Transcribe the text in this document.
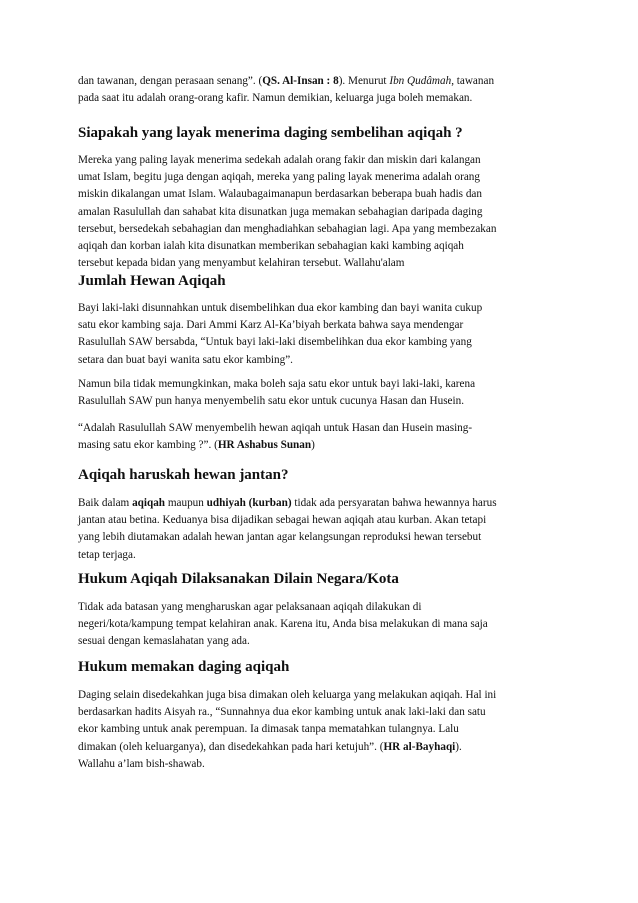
dan tawanan, dengan perasaan senang”. (QS. Al-Insan : 8). Menurut Ibn Qudâmah, tawanan
pada saat itu adalah orang-orang kafir. Namun demikian, keluarga juga boleh memakan.

Siapakah yang layak menerima daging sembelihan aqiqah ?

Mereka yang paling layak menerima sedekah adalah orang fakir dan miskin dari kalangan
umat Islam, begitu juga dengan aqiqah, mereka yang paling layak menerima adalah orang
miskin dikalangan umat Islam. Walaubagaimanapun berdasarkan beberapa buah hadis dan
amalan Rasulullah dan sahabat kita disunatkan juga memakan sebahagian daripada daging
tersebut, bersedekah sebahagian dan menghadiahkan sebahagian lagi. Apa yang membezakan
aqiqah dan korban ialah kita disunatkan memberikan sebahagian kaki kambing aqiqah
tersebut kepada bidan yang menyambut kelahiran tersebut. Wallahu'alam

Jumlah Hewan Aqiqah

Bayi laki-laki disunnahkan untuk disembelihkan dua ekor kambing dan bayi wanita cukup
satu ekor kambing saja. Dari Ammi Karz Al-Ka’biyah berkata bahwa saya mendengar
Rasulullah SAW bersabda, “Untuk bayi laki-laki disembelihkan dua ekor kambing yang
setara dan buat bayi wanita satu ekor kambing”.

Namun bila tidak memungkinkan, maka boleh saja satu ekor untuk bayi laki-laki, karena
Rasulullah SAW pun hanya menyembelih satu ekor untuk cucunya Hasan dan Husein.

“Adalah Rasulullah SAW menyembelih hewan aqiqah untuk Hasan dan Husein masing-
masing satu ekor kambing ?”. (HR Ashabus Sunan)

Aqiqah haruskah hewan jantan?

Baik dalam aqiqah maupun udhiyah (kurban) tidak ada persyaratan bahwa hewannya harus
jantan atau betina. Keduanya bisa dijadikan sebagai hewan aqiqah atau kurban. Akan tetapi
yang lebih diutamakan adalah hewan jantan agar kelangsungan reproduksi hewan tersebut
tetap terjaga.

Hukum Aqiqah Dilaksanakan Dilain Negara/Kota

Tidak ada batasan yang mengharuskan agar pelaksanaan aqiqah dilakukan di
negeri/kota/kampung tempat kelahiran anak. Karena itu, Anda bisa melakukan di mana saja
sesuai dengan kemaslahatan yang ada.

Hukum memakan daging aqiqah

Daging selain disedekahkan juga bisa dimakan oleh keluarga yang melakukan aqiqah. Hal ini
berdasarkan hadits Aisyah ra., “Sunnahnya dua ekor kambing untuk anak laki-laki dan satu
ekor kambing untuk anak perempuan. Ia dimasak tanpa mematahkan tulangnya. Lalu
dimakan (oleh keluarganya), dan disedekahkan pada hari ketujuh”. (HR al-Bayhaqi).
Wallahu a’lam bish-shawab.
